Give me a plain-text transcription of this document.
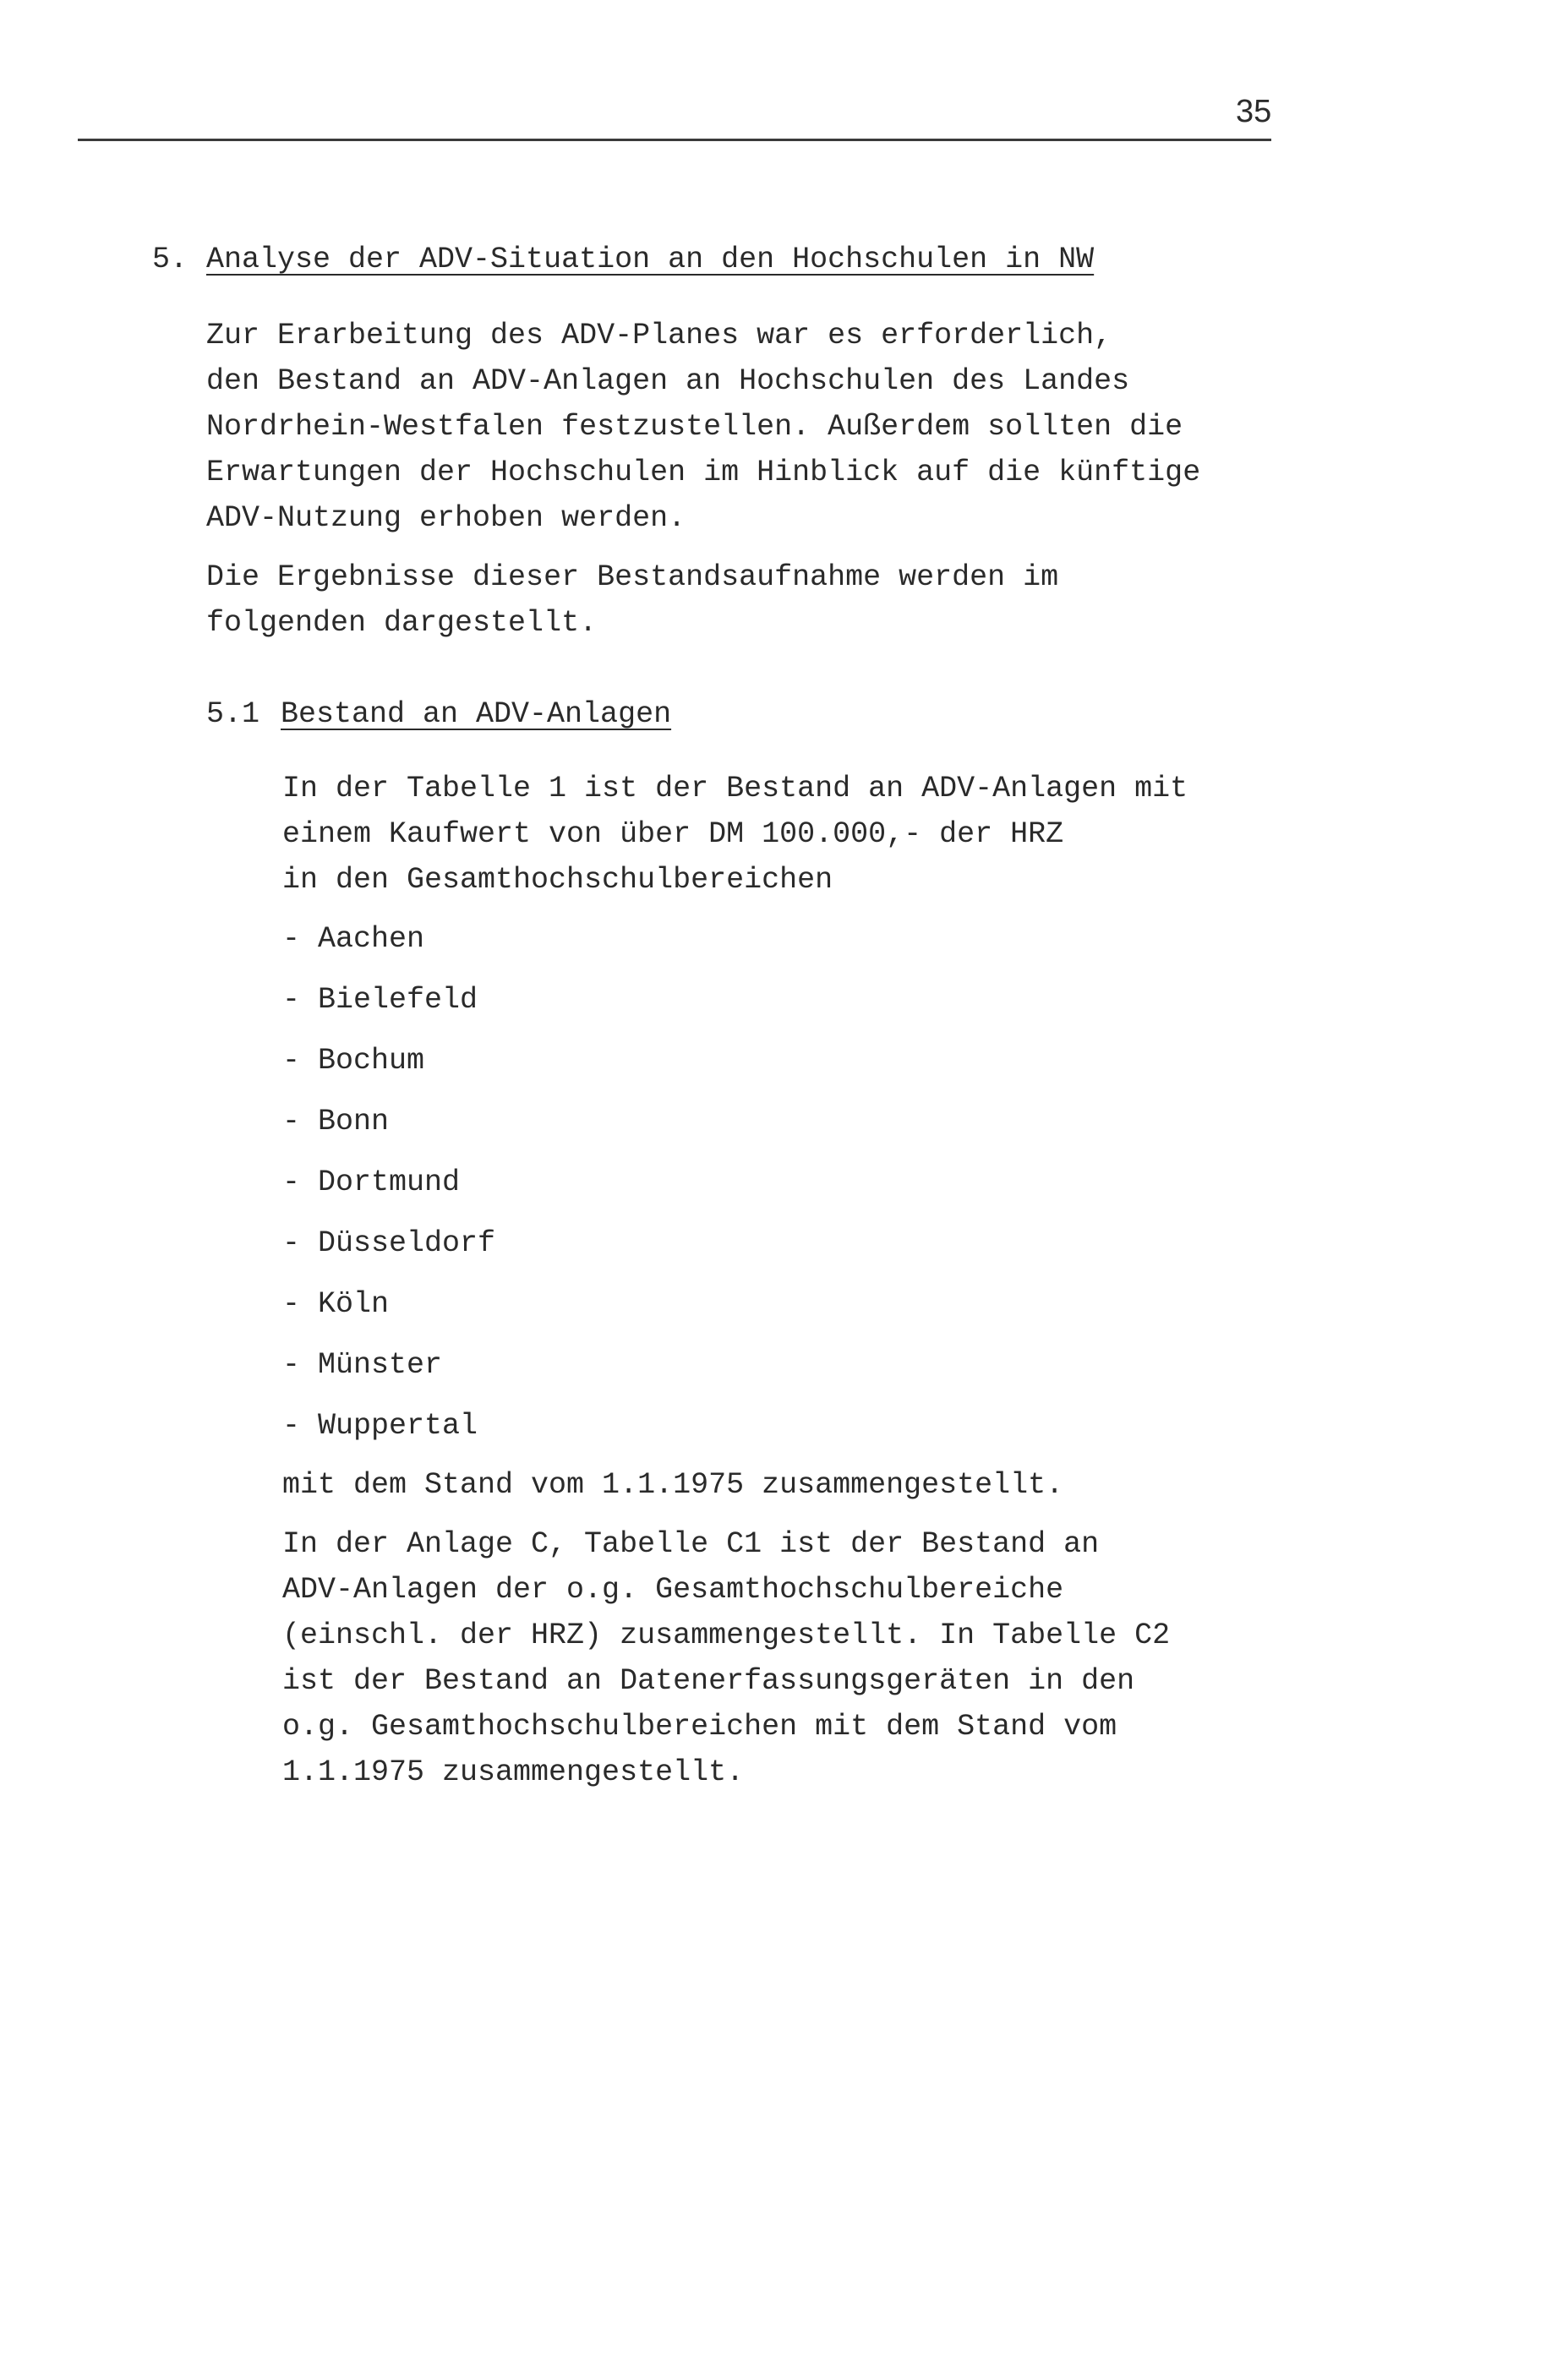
35
5. Analyse der ADV-Situation an den Hochschulen in NW

Zur Erarbeitung des ADV-Planes war es erforderlich,
den Bestand an ADV-Anlagen an Hochschulen des Landes
Nordrhein-Westfalen festzustellen. Außerdem sollten die
Erwartungen der Hochschulen im Hinblick auf die künftige
ADV-Nutzung erhoben werden.

Die Ergebnisse dieser Bestandsaufnahme werden im
folgenden dargestellt.

5.1 Bestand an ADV-Anlagen

In der Tabelle 1 ist der Bestand an ADV-Anlagen mit
einem Kaufwert von über DM 100.000,- der HRZ
in den Gesamthochschulbereichen

- Aachen
- Bielefeld
- Bochum
- Bonn
- Dortmund
- Düsseldorf
- Köln
- Münster
- Wuppertal

mit dem Stand vom 1.1.1975 zusammengestellt.

In der Anlage C, Tabelle C1 ist der Bestand an
ADV-Anlagen der o.g. Gesamthochschulbereiche
(einschl. der HRZ) zusammengestellt. In Tabelle C2
ist der Bestand an Datenerfassungsgeräten in den
o.g. Gesamthochschulbereichen mit dem Stand vom
1.1.1975 zusammengestellt.
